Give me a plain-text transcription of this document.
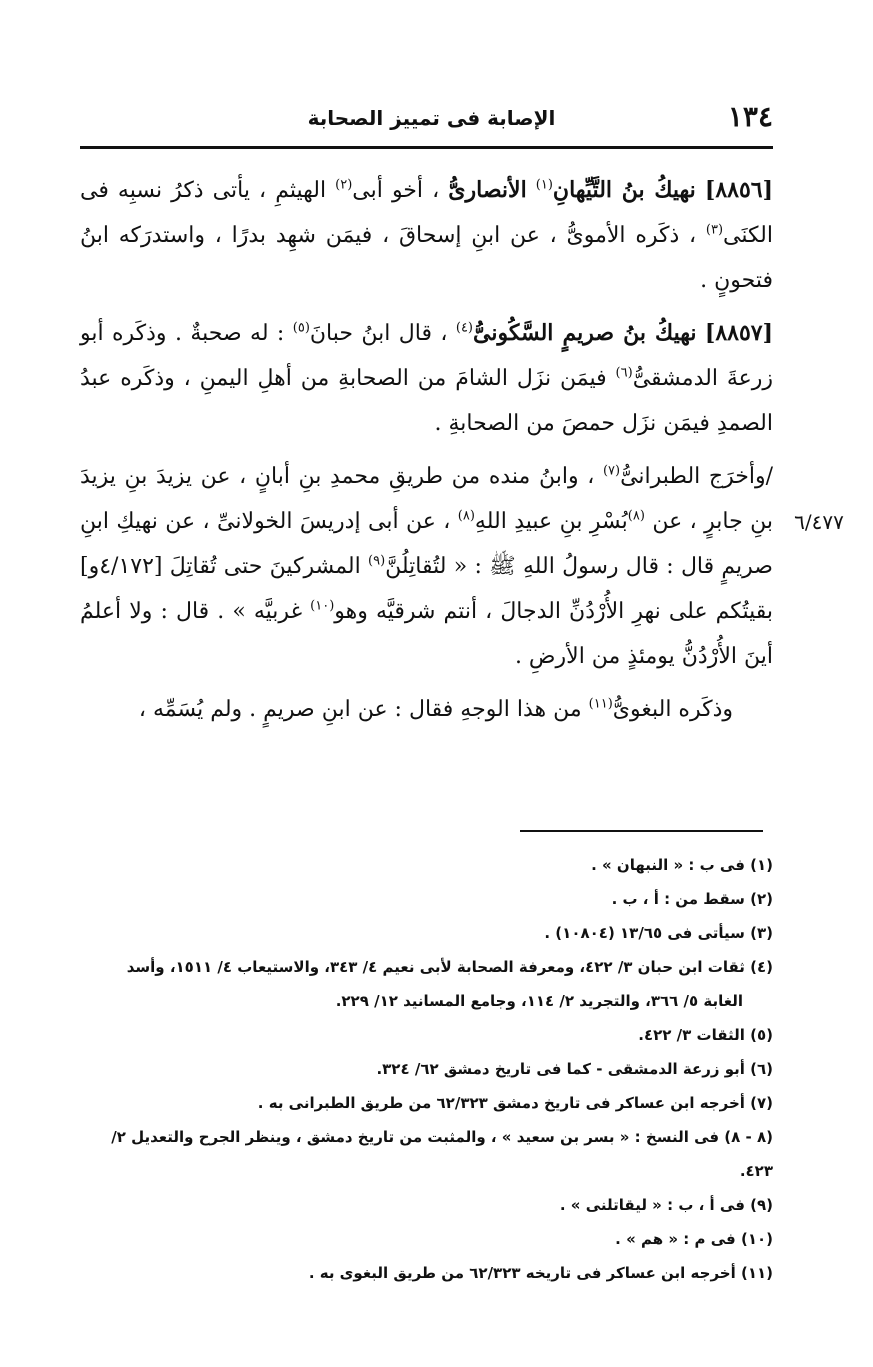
١٣٤
الإصابة فى تمييز الصحابة
٦/٤٧٧

[٨٨٥٦] نهيكُ بنُ التَّيِّهانِ$^{(١)}$ الأنصارىُّ ، أخو أبى$^{(٢)}$ الهيثمِ ، يأتى ذكرُ نسبِه فى الكنَى$^{(٣)}$ ، ذكَره الأموىُّ ، عن ابنِ إسحاقَ ، فيمَن شهِد بدرًا ، واستدرَكه ابنُ فتحونٍ .

[٨٨٥٧] نهيكُ بنُ صريمٍ السَّكُونىُّ$^{(٤)}$ ، قال ابنُ حبانَ$^{(٥)}$ : له صحبةٌ . وذكَره أبو زرعةَ الدمشقىُّ$^{(٦)}$ فيمَن نزَل الشامَ من الصحابةِ من أهلِ اليمنِ ، وذكَره عبدُ الصمدِ فيمَن نزَل حمصَ من الصحابةِ .

/وأخرَج الطبرانىُّ$^{(٧)}$ ، وابنُ منده من طريقِ محمدِ بنِ أبانٍ ، عن يزيدَ بنِ يزيدَ بنِ جابرٍ ، عن $^{(٨)}$بُسْرِ بنِ عبيدِ اللهِ$^{(٨)}$ ، عن أبى إدريسَ الخولانىِّ ، عن نهيكِ ابنِ صريمٍ قال : قال رسولُ اللهِ ﷺ : « لتُقاتِلُنَّ$^{(٩)}$ المشركينَ حتى تُقاتِلَ [٤/١٧٢و] بقيتُكم على نهرِ الأُرْدُنِّ الدجالَ ، أنتم شرقيَّه وهو$^{(١٠)}$ غربيَّه » . قال : ولا أعلمُ أينَ الأُرْدُنُّ يومئذٍ من الأرضِ .

وذكَره البغوىُّ$^{(١١)}$ من هذا الوجهِ فقال : عن ابنِ صريمٍ . ولم يُسَمِّه ،

(١) فى ب : « النبهان » .

(٢) سقط من : أ ، ب .

(٣) سيأتى فى ١٣/٦٥ (١٠٨٠٤) .

(٤) ثقات ابن حبان ٣/ ٤٢٢، ومعرفة الصحابة لأبى نعيم ٤/ ٣٤٣، والاستيعاب ٤/ ١٥١١، وأسد

الغابة ٥/ ٣٦٦، والتجريد ٢/ ١١٤، وجامع المسانيد ١٢/ ٢٢٩.

(٥) الثقات ٣/ ٤٢٢.

(٦) أبو زرعة الدمشقى - كما فى تاريخ دمشق ٦٢/ ٣٢٤.

(٧) أخرجه ابن عساكر فى تاريخ دمشق ٦٢/٣٢٣ من طريق الطبرانى به .

(٨ - ٨) فى النسخ : « بسر بن سعيد » ، والمثبت من تاريخ دمشق ، وينظر الجرح والتعديل ٢/ ٤٢٣.

(٩) فى أ ، ب : « ليقاتلنى » .

(١٠) فى م : « هم » .

(١١) أخرجه ابن عساكر فى تاريخه ٦٢/٣٢٣ من طريق البغوى به .
